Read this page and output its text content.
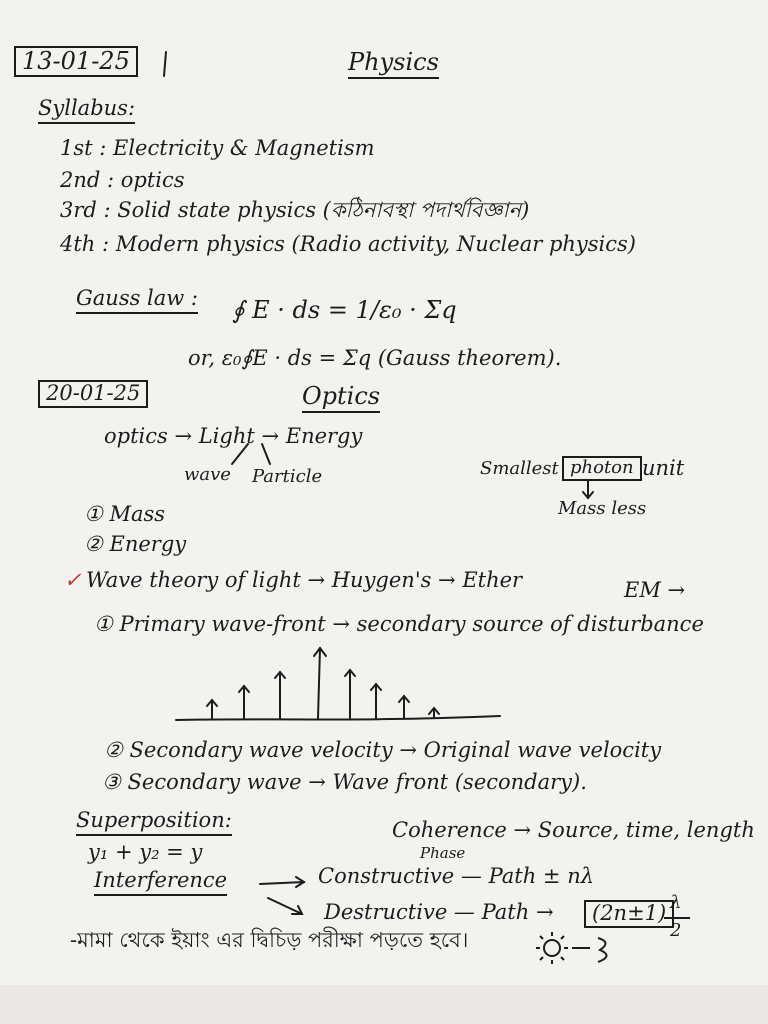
13-01-25	Physics
Syllabus:
1st : Electricity & Magnetism
2nd : optics
3rd : Solid state physics (কঠিনাবস্থা পদার্থবিজ্ঞান)
4th : Modern physics (Radio activity, Nuclear physics)
Gauss law : ∮ E · ds = 1/ε₀ · Σq
or, ε₀∮E · ds = Σq (Gauss theorem).
20-01-25	Optics
optics → Light → Energy
wave Particle	Smallest photon unit
Mass less
① Mass
② Energy
✓ Wave theory of light → Huygen's → Ether	EM →
① Primary wave-front → secondary source of disturbance
② Secondary wave velocity → Original wave velocity
③ Secondary wave → Wave front (secondary).
Superposition:
y₁ + y₂ = y
Coherence → Source, time, length
Phase
Interference	Constructive — Path ± nλ
Destructive — Path →	(2n±1) λ
2
-মামা থেকে ইয়াং এর দ্বিচিড় পরীক্ষা পড়তে হবে।
